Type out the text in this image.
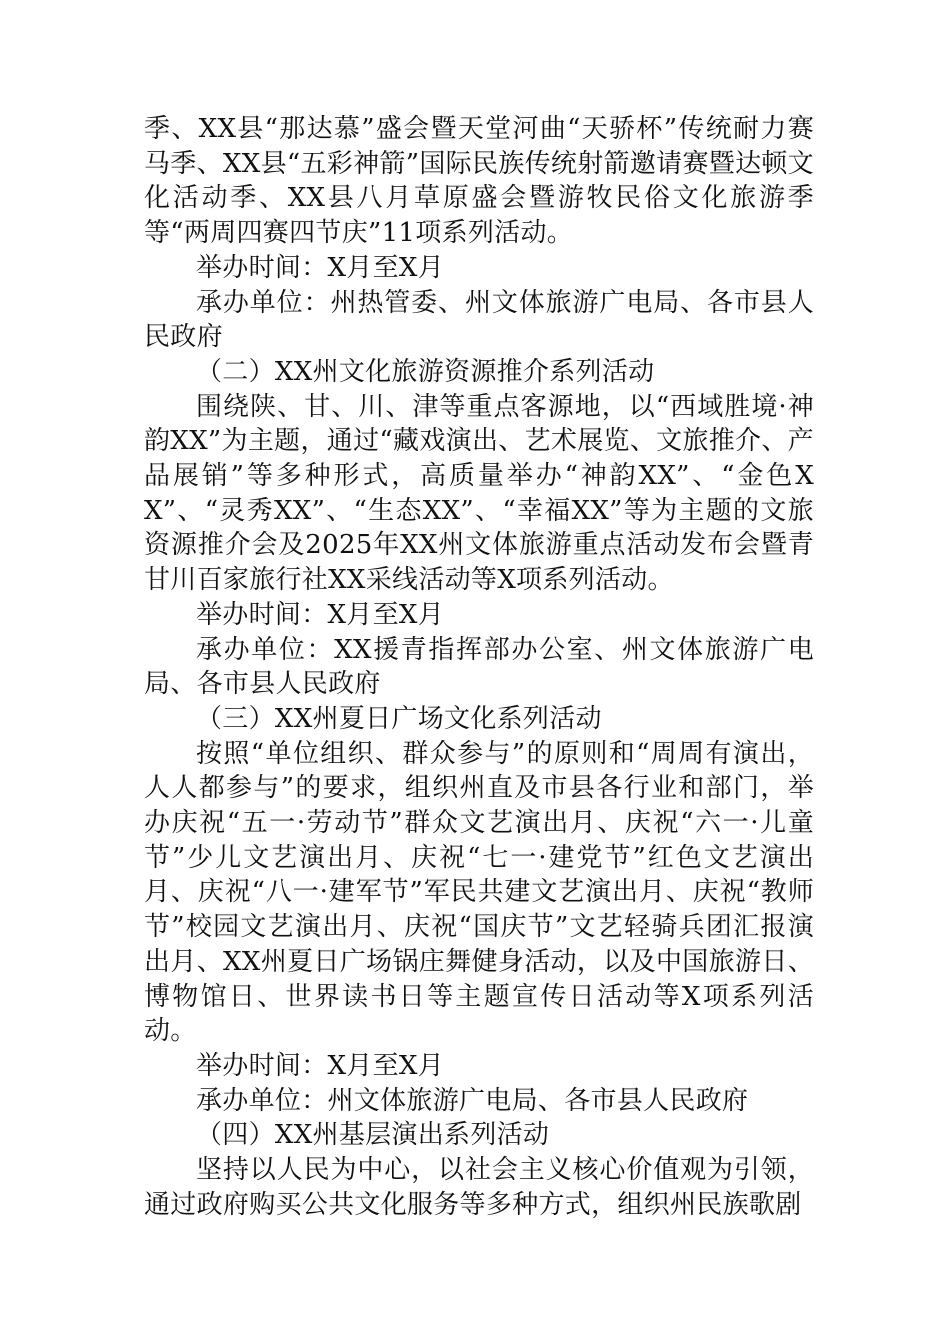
季、XX县“那达慕”盛会暨天堂河曲“天骄杯”传统耐力赛马季、XX县“五彩神箭”国际民族传统射箭邀请赛暨达顿文化活动季、XX县八月草原盛会暨游牧民俗文化旅游季等“两周四赛四节庆”11项系列活动。

举办时间：X月至X月

承办单位：州热管委、州文体旅游广电局、各市县人民政府

（二）XX州文化旅游资源推介系列活动

围绕陕、甘、川、津等重点客源地，以“西域胜境·神韵XX”为主题，通过“藏戏演出、艺术展览、文旅推介、产品展销”等多种形式，高质量举办“神韵XX”、“金色XX”、“灵秀XX”、“生态XX”、“幸福XX”等为主题的文旅资源推介会及2025年XX州文体旅游重点活动发布会暨青甘川百家旅行社XX采线活动等X项系列活动。

举办时间：X月至X月

承办单位：XX援青指挥部办公室、州文体旅游广电局、各市县人民政府

（三）XX州夏日广场文化系列活动

按照“单位组织、群众参与”的原则和“周周有演出，人人都参与”的要求，组织州直及市县各行业和部门，举办庆祝“五一·劳动节”群众文艺演出月、庆祝“六一·儿童节”少儿文艺演出月、庆祝“七一·建党节”红色文艺演出月、庆祝“八一·建军节”军民共建文艺演出月、庆祝“教师节”校园文艺演出月、庆祝“国庆节”文艺轻骑兵团汇报演出月、XX州夏日广场锅庄舞健身活动，以及中国旅游日、博物馆日、世界读书日等主题宣传日活动等X项系列活动。

举办时间：X月至X月

承办单位：州文体旅游广电局、各市县人民政府

（四）XX州基层演出系列活动

坚持以人民为中心，以社会主义核心价值观为引领，通过政府购买公共文化服务等多种方式，组织州民族歌剧
